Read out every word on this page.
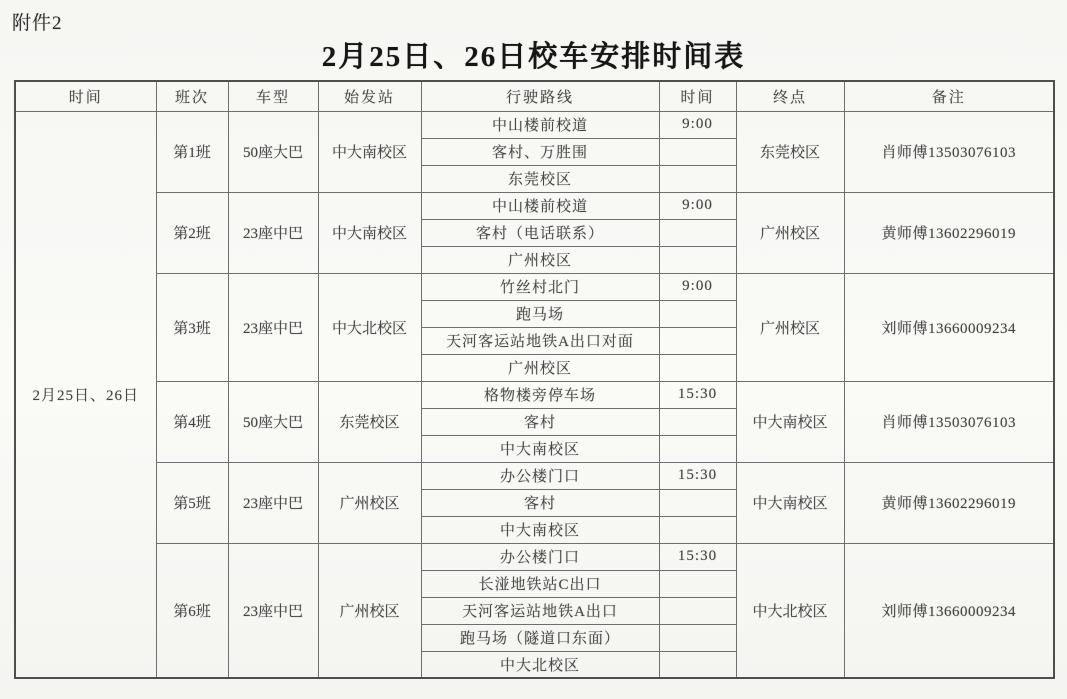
附件2
2月25日、26日校车安排时间表
时间	班次	车型	始发站	行驶路线	时间	终点	备注
2月25日、26日	第1班	50座大巴	中大南校区	中山楼前校道	9:00	东莞校区	肖师傅13503076103
				客村、万胜围			
				东莞校区			
	第2班	23座中巴	中大南校区	中山楼前校道	9:00	广州校区	黄师傅13602296019
				客村（电话联系）			
				广州校区			
	第3班	23座中巴	中大北校区	竹丝村北门	9:00	广州校区	刘师傅13660009234
				跑马场			
				天河客运站地铁A出口对面			
				广州校区			
	第4班	50座大巴	东莞校区	格物楼旁停车场	15:30	中大南校区	肖师傅13503076103
				客村			
				中大南校区			
	第5班	23座中巴	广州校区	办公楼门口	15:30	中大南校区	黄师傅13602296019
				客村			
				中大南校区			
	第6班	23座中巴	广州校区	办公楼门口	15:30	中大北校区	刘师傅13660009234
				长湴地铁站C出口			
				天河客运站地铁A出口			
				跑马场（隧道口东面）			
				中大北校区			
